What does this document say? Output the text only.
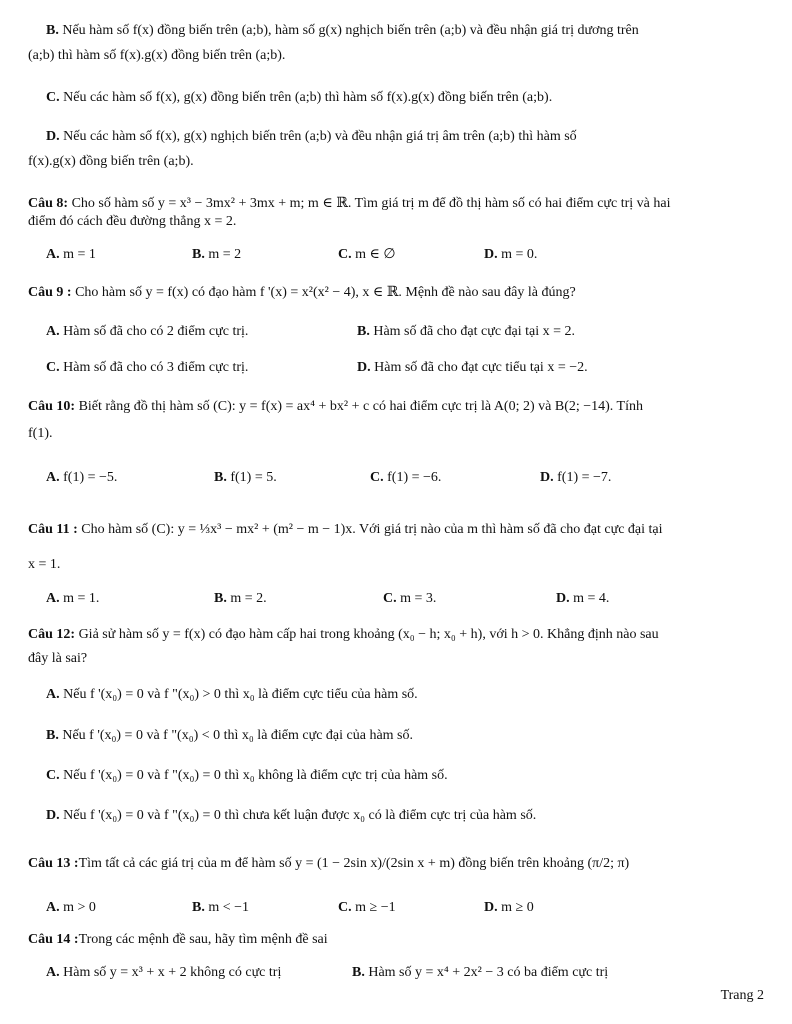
B. Nếu hàm số f(x) đồng biến trên (a;b), hàm số g(x) nghịch biến trên (a;b) và đều nhận giá trị dương trên
(a;b) thì hàm số f(x).g(x) đồng biến trên (a;b).
C. Nếu các hàm số f(x), g(x) đồng biến trên (a;b) thì hàm số f(x).g(x) đồng biến trên (a;b).
D. Nếu các hàm số f(x), g(x) nghịch biến trên (a;b) và đều nhận giá trị âm trên (a;b) thì hàm số
f(x).g(x) đồng biến trên (a;b).
Câu 8: Cho số hàm số y = x³ − 3mx² + 3mx + m; m ∈ ℝ. Tìm giá trị m để đồ thị hàm số có hai điểm cực trị và hai
điểm đó cách đều đường thẳng x = 2.
A. m = 1	B. m = 2	C. m ∈ ∅	D. m = 0.
Câu 9 : Cho hàm số y = f(x) có đạo hàm f '(x) = x²(x² − 4), x ∈ ℝ. Mệnh đề nào sau đây là đúng?
A. Hàm số đã cho có 2 điểm cực trị.	B. Hàm số đã cho đạt cực đại tại x = 2.
C. Hàm số đã cho có 3 điểm cực trị.	D. Hàm số đã cho đạt cực tiểu tại x = −2.
Câu 10: Biết rằng đồ thị hàm số (C): y = f(x) = ax⁴ + bx² + c có hai điểm cực trị là A(0; 2) và B(2; −14). Tính
f(1).
A. f(1) = −5.	B. f(1) = 5.	C. f(1) = −6.	D. f(1) = −7.
Câu 11 : Cho hàm số (C): y = ⅓x³ − mx² + (m² − m − 1)x. Với giá trị nào của m thì hàm số đã cho đạt cực đại tại
x = 1.
A. m = 1.	B. m = 2.	C. m = 3.	D. m = 4.
Câu 12: Giả sử hàm số y = f(x) có đạo hàm cấp hai trong khoảng (x₀ − h; x₀ + h), với h > 0. Khẳng định nào sau
đây là sai?
A. Nếu f '(x₀) = 0 và f "(x₀) > 0 thì x₀ là điểm cực tiểu của hàm số.
B. Nếu f '(x₀) = 0 và f "(x₀) < 0 thì x₀ là điểm cực đại của hàm số.
C. Nếu f '(x₀) = 0 và f "(x₀) = 0 thì x₀ không là điểm cực trị của hàm số.
D. Nếu f '(x₀) = 0 và f "(x₀) = 0 thì chưa kết luận được x₀ có là điểm cực trị của hàm số.
Câu 13 :Tìm tất cả các giá trị của m để hàm số y = (1 − 2sin x)/(2sin x + m) đồng biến trên khoảng (π/2; π)
A. m > 0	B. m < −1	C. m ≥ −1	D. m ≥ 0
Câu 14 :Trong các mệnh đề sau, hãy tìm mệnh đề sai
A. Hàm số y = x³ + x + 2 không có cực trị	B. Hàm số y = x⁴ + 2x² − 3 có ba điểm cực trị
Trang 2
